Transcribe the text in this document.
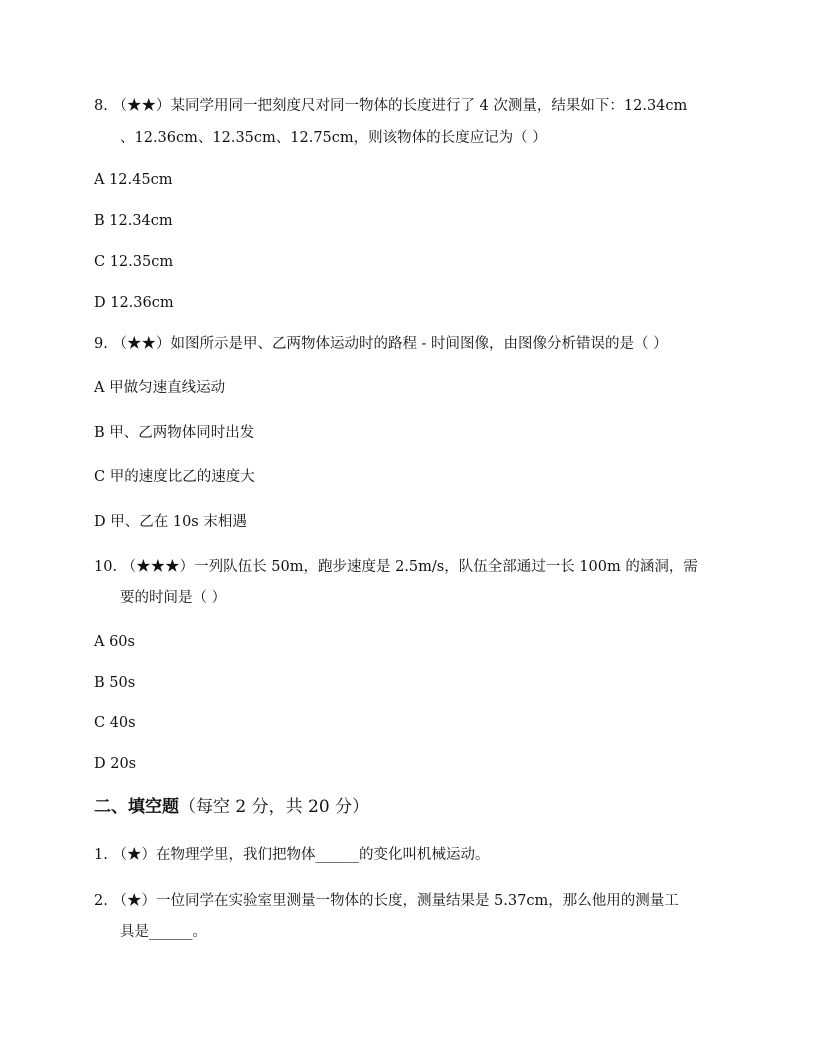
8. （★★）某同学用同一把刻度尺对同一物体的长度进行了 4 次测量，结果如下：12.34cm
、12.36cm、12.35cm、12.75cm，则该物体的长度应记为（ ）
A 12.45cm
B 12.34cm
C 12.35cm
D 12.36cm
9. （★★）如图所示是甲、乙两物体运动时的路程 - 时间图像，由图像分析错误的是（ ）
A 甲做匀速直线运动
B 甲、乙两物体同时出发
C 甲的速度比乙的速度大
D 甲、乙在 10s 末相遇
10. （★★★）一列队伍长 50m，跑步速度是 2.5m/s，队伍全部通过一长 100m 的涵洞，需
要的时间是（ ）
A 60s
B 50s
C 40s
D 20s
二、填空题（每空 2 分，共 20 分）
1. （★）在物理学里，我们把物体______的变化叫机械运动。
2. （★）一位同学在实验室里测量一物体的长度，测量结果是 5.37cm，那么他用的测量工
具是______。
